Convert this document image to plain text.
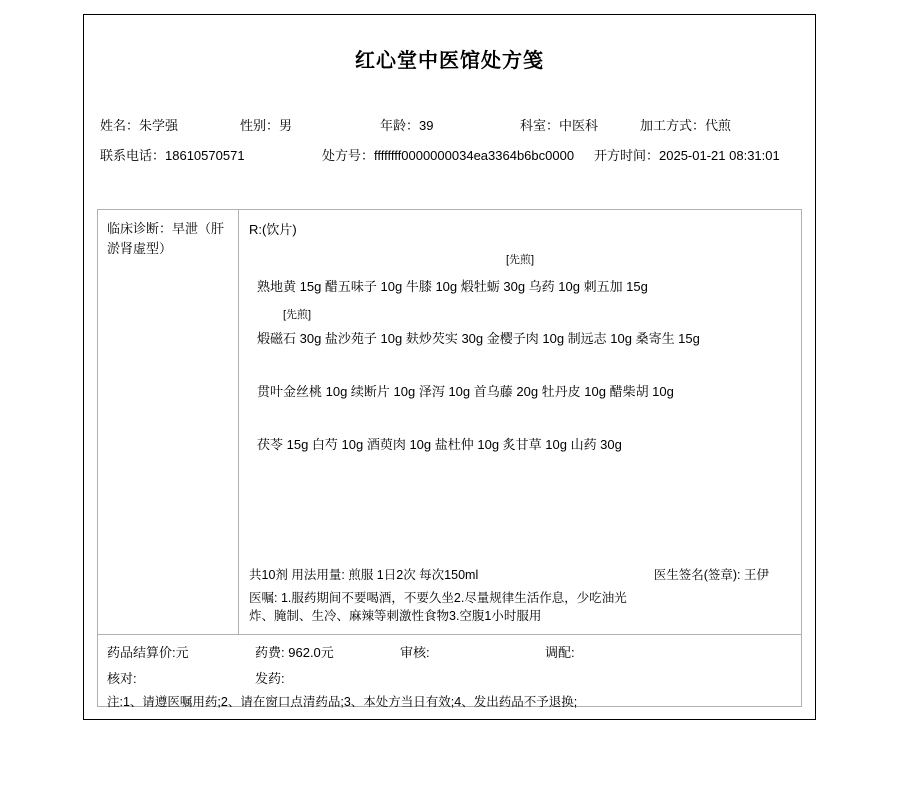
红心堂中医馆处方笺
姓名：朱学强	性别：男	年龄：39	科室：中医科	加工方式：代煎
联系电话：18610570571	处方号：ffffffff0000000034ea3364b6bc0000	开方时间：2025-01-21 08:31:01
临床诊断：早泄（肝
淤肾虚型）
R:(饮片)
[先煎]
熟地黄 15g 醋五味子 10g 牛膝 10g 煅牡蛎 30g 乌药 10g 刺五加 15g
[先煎]
煅磁石 30g 盐沙苑子 10g 麸炒芡实 30g 金樱子肉 10g 制远志 10g 桑寄生 15g
贯叶金丝桃 10g 续断片 10g 泽泻 10g 首乌藤 20g 牡丹皮 10g 醋柴胡 10g
茯苓 15g 白芍 10g 酒萸肉 10g 盐杜仲 10g 炙甘草 10g 山药 30g
共10剂 用法用量: 煎服 1日2次 每次150ml	医生签名(签章): 王伊
医嘱: 1.服药期间不要喝酒，不要久坐2.尽量规律生活作息，少吃油光
炸、腌制、生冷、麻辣等刺激性食物3.空腹1小时服用
药品结算价:元	药费: 962.0元	审核:	调配:
核对:	发药:
注:1、请遵医嘱用药;2、请在窗口点清药品;3、本处方当日有效;4、发出药品不予退换;
